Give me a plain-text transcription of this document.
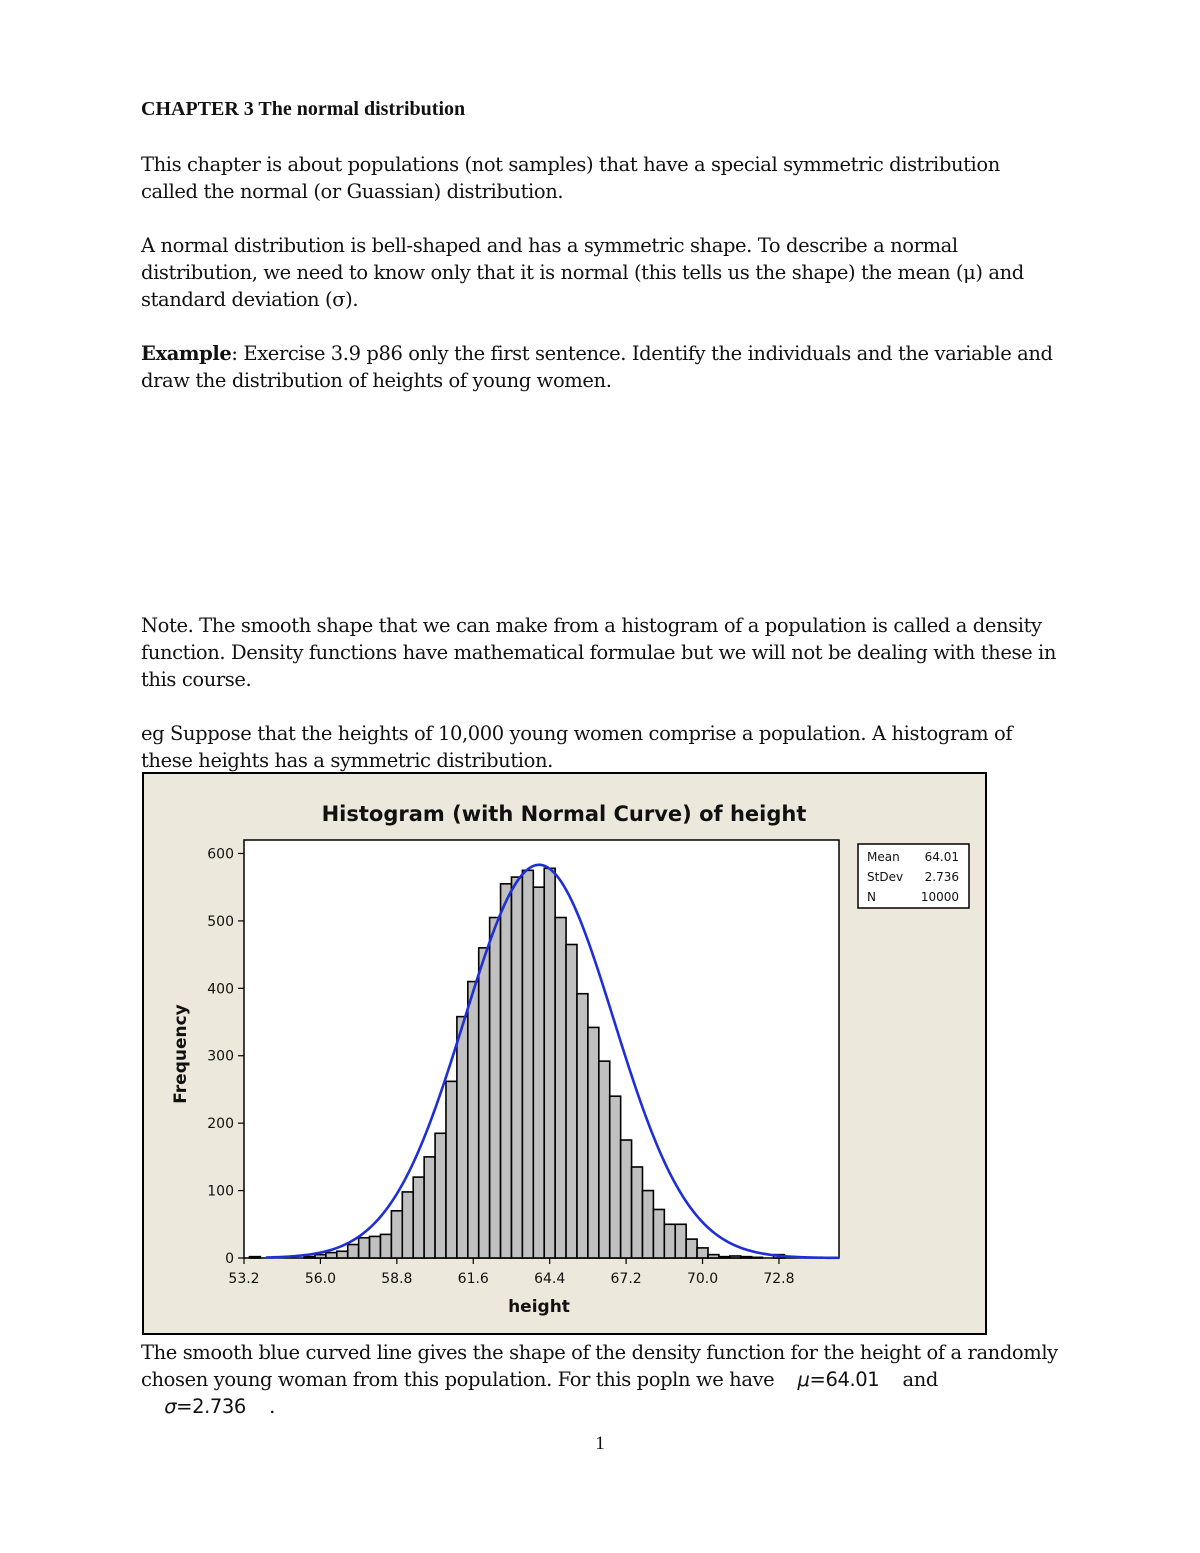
CHAPTER 3 The normal distribution
This chapter is about populations (not samples) that have a special symmetric distribution called the normal (or Guassian) distribution.
A normal distribution is bell-shaped and has a symmetric shape. To describe a normal distribution, we need to know only that it is normal (this tells us the shape) the mean (μ) and standard deviation (σ).
Example: Exercise 3.9 p86 only the first sentence. Identify the individuals and the variable and draw the distribution of heights of young women.
Note. The smooth shape that we can make from a histogram of a population is called a density function. Density functions have mathematical formulae but we will not be dealing with these in this course.
eg Suppose that the heights of 10,000 young women comprise a population. A histogram of these heights has a symmetric distribution.
Histogram (with Normal Curve) of height
0
100
200
300
400
500
600
53.2	56.0	58.8	61.6	64.4	67.2	70.0	72.8
Frequency
height
Mean 64.01
StDev 2.736
N	10000
The smooth blue curved line gives the shape of the density function for the height of a randomly chosen young woman from this population. For this popln we have μ=64.01 and
σ=2.736 .
1
